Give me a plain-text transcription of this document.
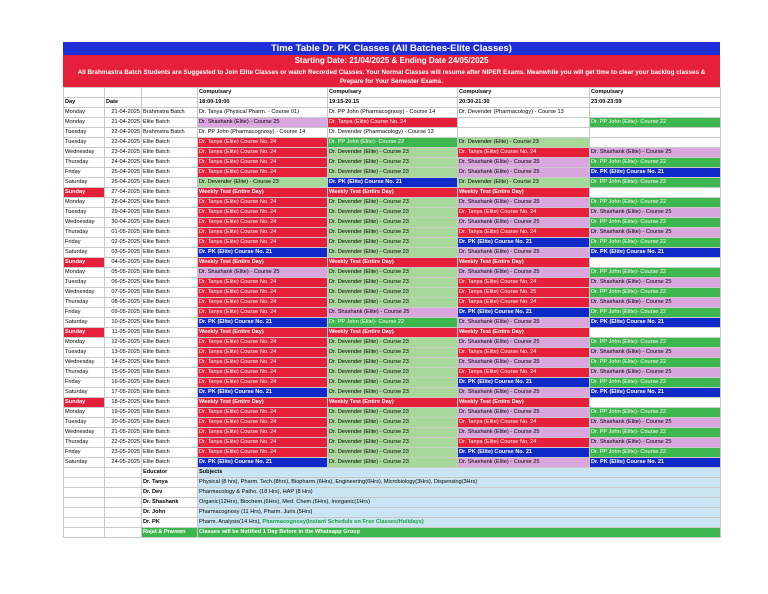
Time Table Dr. PK Classes (All Batches-Elite Classes)
Starting Date: 21/04/2025 & Ending Date 24/05/2025
All Brahmastra Batch Students are Suggested to Join Elite Classes or watch Recorded Classes. Your Normal Classes will resume after NIPER Exams. Meanwhile you will get time to clear your backlog classes & Prepare for Your Semester Exams.
			Compulsary	Compulsary	Compulsary	Compulsary
Day	Date		18:00-19:00	19:15-20.15	20:30-21:30	23:00-23:59
Monday	21-04-2025	Brahmstra Batch	Dr. Tanya (Physical Pharm. - Course 01)	Dr. PP John (Pharmacognosy) - Course 14	Dr. Devender (Pharmacology) - Course 13	
Monday	21-04-2025	Elite Batch	Dr. Shashank (Elite) - Course 25	Dr. Tanya (Elite) Course No. 24		Dr. PP John (Elite)- Course 22
Tuesday	22-04-2025	Brahmstra Batch	Dr. PP John (Pharmacognosy) - Course 14	Dr. Devender (Pharmacology) - Course 13		
Tuesday	22-04-2025	Elite Batch	Dr. Tanya (Elite) Course No. 24	Dr. PP John (Elite)- Course 22	Dr. Devender (Elite) - Course 23	
Wednesday	23-04-2025	Elite Batch	Dr. Tanya (Elite) Course No. 24	Dr. Devender (Elite) - Course 23	Dr. Tanya (Elite) Course No. 24	Dr. Shashank (Elite) - Course 25
Thursday	24-04-2025	Elite Batch	Dr. Tanya (Elite) Course No. 24	Dr. Devender (Elite) - Course 23	Dr. Shashank (Elite) - Course 25	Dr. PP John (Elite)- Course 22
Friday	25-04-2025	Elite Batch	Dr. Tanya (Elite) Course No. 24	Dr. Devender (Elite) - Course 23	Dr. Shashank (Elite) - Course 25	Dr. PK (Elite) Course No. 21
Saturday	26-04-2025	Elite Batch	Dr. Devender (Elite) - Course 23	Dr. PK (Elite) Course No. 21	Dr. Devender (Elite) - Course 23	Dr. PP John (Elite)- Course 22
Sunday	27-04-2025	Elite Batch	Weekly Test (Entire Day)	Weekly Test (Entire Day)	Weekly Test (Entire Day)	
Monday	28-04-2025	Elite Batch	Dr. Tanya (Elite) Course No. 24	Dr. Devender (Elite) - Course 23	Dr. Shashank (Elite) - Course 25	Dr. PP John (Elite)- Course 22
Tuesday	29-04-2025	Elite Batch	Dr. Tanya (Elite) Course No. 24	Dr. Devender (Elite) - Course 23	Dr. Tanya (Elite) Course No. 24	Dr. Shashank (Elite) - Course 25
Wednesday	30-04-2025	Elite Batch	Dr. Tanya (Elite) Course No. 24	Dr. Devender (Elite) - Course 23	Dr. Shashank (Elite) - Course 25	Dr. PP John (Elite)- Course 22
Thursday	01-05-2025	Elite Batch	Dr. Tanya (Elite) Course No. 24	Dr. Devender (Elite) - Course 23	Dr. Tanya (Elite) Course No. 24	Dr. Shashank (Elite) - Course 25
Friday	02-05-2025	Elite Batch	Dr. Tanya (Elite) Course No. 24	Dr. Devender (Elite) - Course 23	Dr. PK (Elite) Course No. 21	Dr. PP John (Elite)- Course 22
Saturday	03-05-2025	Elite Batch	Dr. PK (Elite) Course No. 21	Dr. Devender (Elite) - Course 23	Dr. Shashank (Elite) - Course 25	Dr. PK (Elite) Course No. 21
Sunday	04-05-2025	Elite Batch	Weekly Test (Entire Day)	Weekly Test (Entire Day)	Weekly Test (Entire Day)	
Monday	05-05-2025	Elite Batch	Dr. Shashank (Elite) - Course 25	Dr. Devender (Elite) - Course 23	Dr. Shashank (Elite) - Course 25	Dr. PP John (Elite)- Course 22
Tuesday	06-05-2025	Elite Batch	Dr. Tanya (Elite) Course No. 24	Dr. Devender (Elite) - Course 23	Dr. Tanya (Elite) Course No. 24	Dr. Shashank (Elite) - Course 25
Wednesday	07-05-2025	Elite Batch	Dr. Tanya (Elite) Course No. 24	Dr. Devender (Elite) - Course 23	Dr. Tanya (Elite) Course No. 25	Dr. PP John (Elite)- Course 22
Thursday	08-05-2025	Elite Batch	Dr. Tanya (Elite) Course No. 24	Dr. Devender (Elite) - Course 23	Dr. Tanya (Elite) Course No. 24	Dr. Shashank (Elite) - Course 25
Friday	09-05-2025	Elite Batch	Dr. Tanya (Elite) Course No. 24	Dr. Shashank (Elite) - Course 25	Dr. PK (Elite) Course No. 21	Dr. PP John (Elite)- Course 22
Saturday	10-05-2025	Elite Batch	Dr. PK (Elite) Course No. 21	Dr. PP John (Elite)- Course 22	Dr. Shashank (Elite) - Course 25	Dr. PK (Elite) Course No. 21
Sunday	11-05-2025	Elite Batch	Weekly Test (Entire Day)	Weekly Test (Entire Day)	Weekly Test (Entire Day)	
Monday	12-05-2025	Elite Batch	Dr. Tanya (Elite) Course No. 24	Dr. Devender (Elite) - Course 23	Dr. Shashank (Elite) - Course 25	Dr. PP John (Elite)- Course 22
Tuesday	13-05-2025	Elite Batch	Dr. Tanya (Elite) Course No. 24	Dr. Devender (Elite) - Course 23	Dr. Tanya (Elite) Course No. 24	Dr. Shashank (Elite) - Course 25
Wednesday	14-05-2025	Elite Batch	Dr. Tanya (Elite) Course No. 24	Dr. Devender (Elite) - Course 23	Dr. Shashank (Elite) - Course 25	Dr. PP John (Elite)- Course 22
Thursday	15-05-2025	Elite Batch	Dr. Tanya (Elite) Course No. 24	Dr. Devender (Elite) - Course 23	Dr. Tanya (Elite) Course No. 24	Dr. Shashank (Elite) - Course 25
Friday	16-05-2025	Elite Batch	Dr. Tanya (Elite) Course No. 24	Dr. Devender (Elite) - Course 23	Dr. PK (Elite) Course No. 21	Dr. PP John (Elite)- Course 22
Saturday	17-05-2025	Elite Batch	Dr. PK (Elite) Course No. 21	Dr. Devender (Elite) - Course 23	Dr. Shashank (Elite) - Course 25	Dr. PK (Elite) Course No. 21
Sunday	18-05-2025	Elite Batch	Weekly Test (Entire Day)	Weekly Test (Entire Day)	Weekly Test (Entire Day)	
Monday	19-05-2025	Elite Batch	Dr. Tanya (Elite) Course No. 24	Dr. Devender (Elite) - Course 23	Dr. Shashank (Elite) - Course 25	Dr. PP John (Elite)- Course 22
Tuesday	20-05-2025	Elite Batch	Dr. Tanya (Elite) Course No. 24	Dr. Devender (Elite) - Course 23	Dr. Tanya (Elite) Course No. 24	Dr. Shashank (Elite) - Course 25
Wednesday	21-05-2025	Elite Batch	Dr. Tanya (Elite) Course No. 24	Dr. Devender (Elite) - Course 23	Dr. Shashank (Elite) - Course 25	Dr. PP John (Elite)- Course 22
Thursday	22-05-2025	Elite Batch	Dr. Tanya (Elite) Course No. 24	Dr. Devender (Elite) - Course 23	Dr. Tanya (Elite) Course No. 24	Dr. Shashank (Elite) - Course 25
Friday	23-05-2025	Elite Batch	Dr. Tanya (Elite) Course No. 24	Dr. Devender (Elite) - Course 23	Dr. PK (Elite) Course No. 21	Dr. PP John (Elite)- Course 22
Saturday	24-05-2025	Elite Batch	Dr. PK (Elite) Course No. 21	Dr. Devender (Elite) - Course 23	Dr. Shashank (Elite) - Course 25	Dr. PK (Elite) Course No. 21
		Educator	Subjects			
		Dr. Tanya	Physical (8 hrs), Pharm. Tech.(8hrs), Biopharm.(6Hrs), Engineering(6Hrs), Microbiology(3Hrs), Dispensing(3Hrs)			
		Dr. Dev	Pharmacology & Patho. (18 Hrs), HAP (8 Hrs)			
		Dr. Shashank	Organic(12Hrs), Biochem.(6Hrs), Med. Chem.(6Hrs), Inorganic(1Hrs)			
		Dr. John	Pharmacognosy (11 Hrs), Pharm. Juris.(5Hrs)			
		Dr. PK	Pharm. Analysis(14 Hrs), Pharmacognosy(Instant Schedule on Free Classes/Holidays)			
		Rajat & Praveen	Classes will be Notified 1 Day Before in the Whatsapp Group			
